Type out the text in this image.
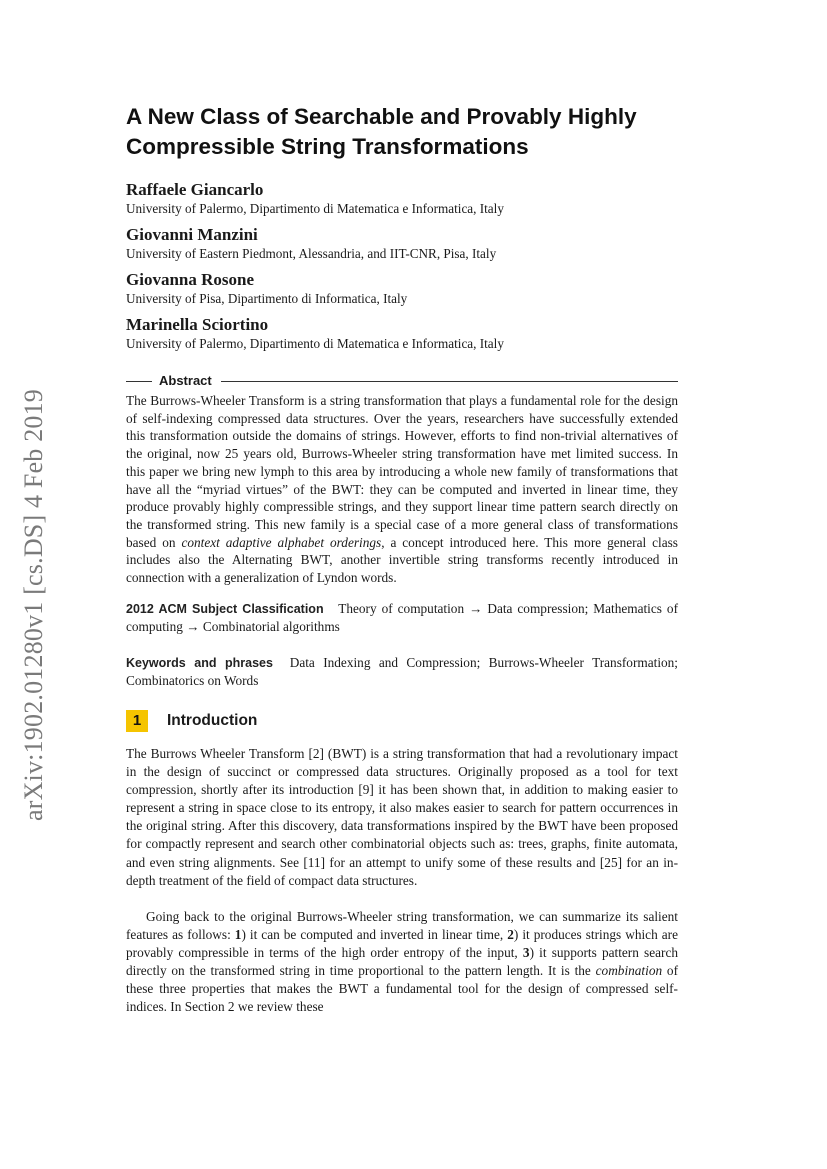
arXiv:1902.01280v1 [cs.DS] 4 Feb 2019
A New Class of Searchable and Provably Highly Compressible String Transformations
Raffaele Giancarlo
University of Palermo, Dipartimento di Matematica e Informatica, Italy
Giovanni Manzini
University of Eastern Piedmont, Alessandria, and IIT-CNR, Pisa, Italy
Giovanna Rosone
University of Pisa, Dipartimento di Informatica, Italy
Marinella Sciortino
University of Palermo, Dipartimento di Matematica e Informatica, Italy
Abstract

The Burrows-Wheeler Transform is a string transformation that plays a fundamental role for the design of self-indexing compressed data structures. Over the years, researchers have successfully extended this transformation outside the domains of strings. However, efforts to find non-trivial alternatives of the original, now 25 years old, Burrows-Wheeler string transformation have met limited success. In this paper we bring new lymph to this area by introducing a whole new family of transformations that have all the “myriad virtues” of the BWT: they can be computed and inverted in linear time, they produce provably highly compressible strings, and they support linear time pattern search directly on the transformed string. This new family is a special case of a more general class of transformations based on context adaptive alphabet orderings, a concept introduced here. This more general class includes also the Alternating BWT, another invertible string transforms recently introduced in connection with a generalization of Lyndon words.

2012 ACM Subject Classification Theory of computation → Data compression; Mathematics of computing → Combinatorial algorithms

Keywords and phrases Data Indexing and Compression; Burrows-Wheeler Transformation; Combinatorics on Words

1	Introduction

The Burrows Wheeler Transform [2] (BWT) is a string transformation that had a revolutionary impact in the design of succinct or compressed data structures. Originally proposed as a tool for text compression, shortly after its introduction [9] it has been shown that, in addition to making easier to represent a string in space close to its entropy, it also makes easier to search for pattern occurrences in the original string. After this discovery, data transformations inspired by the BWT have been proposed for compactly represent and search other combinatorial objects such as: trees, graphs, finite automata, and even string alignments. See [11] for an attempt to unify some of these results and [25] for an in-depth treatment of the field of compact data structures.

Going back to the original Burrows-Wheeler string transformation, we can summarize its salient features as follows: 1) it can be computed and inverted in linear time, 2) it produces strings which are provably compressible in terms of the high order entropy of the input, 3) it supports pattern search directly on the transformed string in time proportional to the pattern length. It is the combination of these three properties that makes the BWT a fundamental tool for the design of compressed self-indices. In Section 2 we review these
